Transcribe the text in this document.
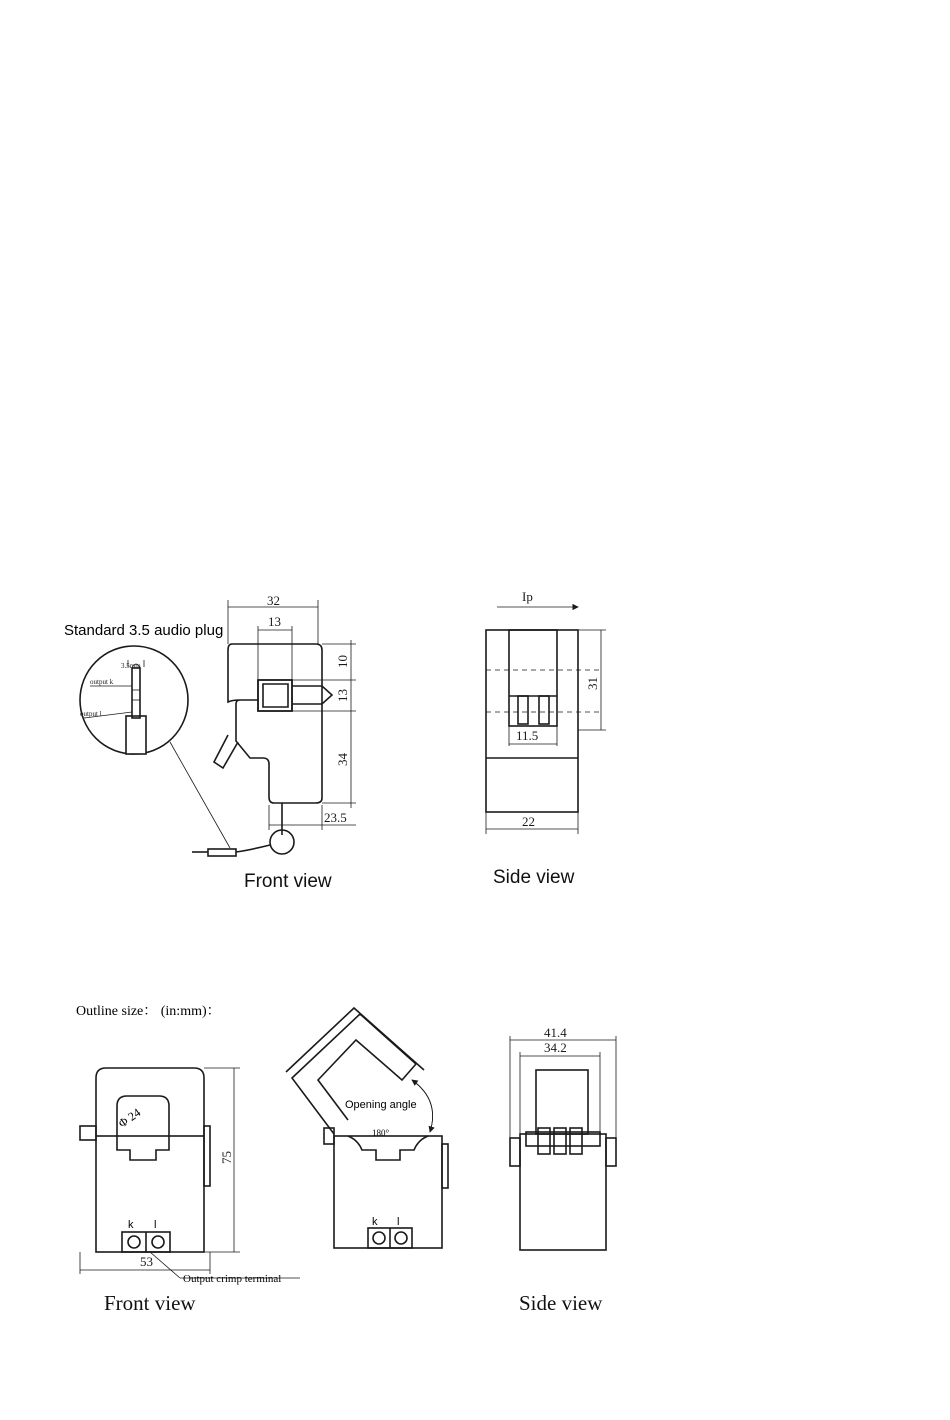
Standard 3.5 audio plug
3.5mm
output k
output l
32
13
10
13
34
23.5
Front view
Ip
31
11.5
22
Side view
Outline size： (in:mm)：
Φ 24
k l
75
53
Output crimp terminal
Front view
k l
Opening angle
180°
41.4
34.2
Side view
